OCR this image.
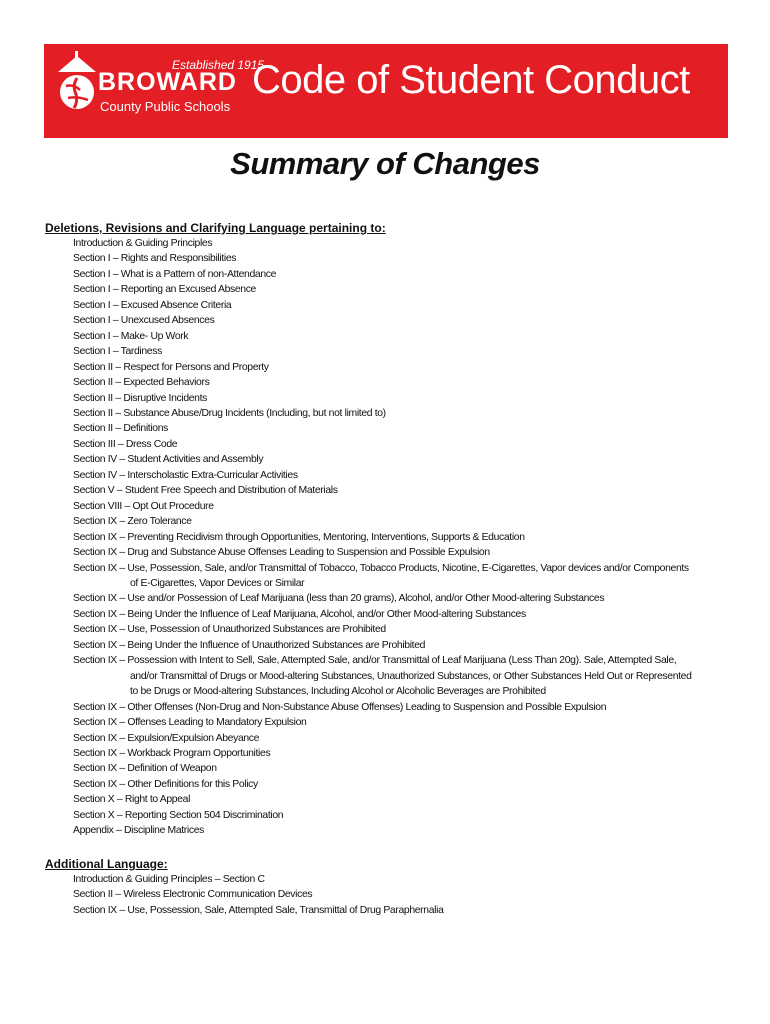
Established 1915
BROWARD
County Public Schools
Code of Student Conduct
Summary of Changes
Deletions, Revisions and Clarifying Language pertaining to:
Introduction & Guiding Principles
Section I – Rights and Responsibilities
Section I – What is a Pattern of non-Attendance
Section I – Reporting an Excused Absence
Section I – Excused Absence Criteria
Section I – Unexcused Absences
Section I – Make- Up Work
Section I – Tardiness
Section II – Respect for Persons and Property
Section II – Expected Behaviors
Section II – Disruptive Incidents
Section II – Substance Abuse/Drug Incidents (Including, but not limited to)
Section II – Definitions
Section III – Dress Code
Section IV – Student Activities and Assembly
Section IV – Interscholastic Extra-Curricular Activities
Section V – Student Free Speech and Distribution of Materials
Section VIII – Opt Out Procedure
Section IX – Zero Tolerance
Section IX – Preventing Recidivism through Opportunities, Mentoring, Interventions, Supports & Education
Section IX – Drug and Substance Abuse Offenses Leading to Suspension and Possible Expulsion
Section IX – Use, Possession, Sale, and/or Transmittal of Tobacco, Tobacco Products, Nicotine, E-Cigarettes, Vapor devices and/or Components
of E-Cigarettes, Vapor Devices or Similar
Section IX – Use and/or Possession of Leaf Marijuana (less than 20 grams), Alcohol, and/or Other Mood-altering Substances
Section IX – Being Under the Influence of Leaf Marijuana, Alcohol, and/or Other Mood-altering Substances
Section IX – Use, Possession of Unauthorized Substances are Prohibited
Section IX – Being Under the Influence of Unauthorized Substances are Prohibited
Section IX – Possession with Intent to Sell, Sale, Attempted Sale, and/or Transmittal of Leaf Marijuana (Less Than 20g). Sale, Attempted Sale,
and/or Transmittal of Drugs or Mood-altering Substances, Unauthorized Substances, or Other Substances Held Out or Represented
to be Drugs or Mood-altering Substances, Including Alcohol or Alcoholic Beverages are Prohibited
Section IX – Other Offenses (Non-Drug and Non-Substance Abuse Offenses) Leading to Suspension and Possible Expulsion
Section IX – Offenses Leading to Mandatory Expulsion
Section IX – Expulsion/Expulsion Abeyance
Section IX – Workback Program Opportunities
Section IX – Definition of Weapon
Section IX – Other Definitions for this Policy
Section X – Right to Appeal
Section X – Reporting Section 504 Discrimination
Appendix – Discipline Matrices
Additional Language:
Introduction & Guiding Principles – Section C
Section II – Wireless Electronic Communication Devices
Section IX – Use, Possession, Sale, Attempted Sale, Transmittal of Drug Paraphernalia
